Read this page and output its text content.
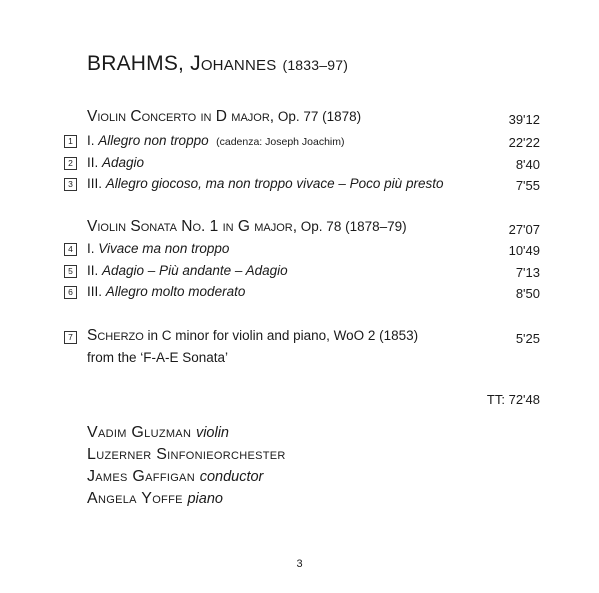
BRAHMS, Johannes (1833–97)
Violin Concerto in D major, Op. 77 (1878)	39'12
1	I. Allegro non troppo (cadenza: Joseph Joachim)	22'22
2	II. Adagio	8'40
3	III. Allegro giocoso, ma non troppo vivace – Poco più presto	7'55
Violin Sonata No. 1 in G major, Op. 78 (1878–79)	27'07
4	I. Vivace ma non troppo	10'49
5	II. Adagio – Più andante – Adagio	7'13
6	III. Allegro molto moderato	8'50
7 Scherzo in C minor for violin and piano, WoO 2 (1853)	5'25
from the ‘F-A-E Sonata’
TT: 72'48
Vadim Gluzman violin
Luzerner Sinfonieorchester
James Gaffigan conductor
Angela Yoffe piano
3
